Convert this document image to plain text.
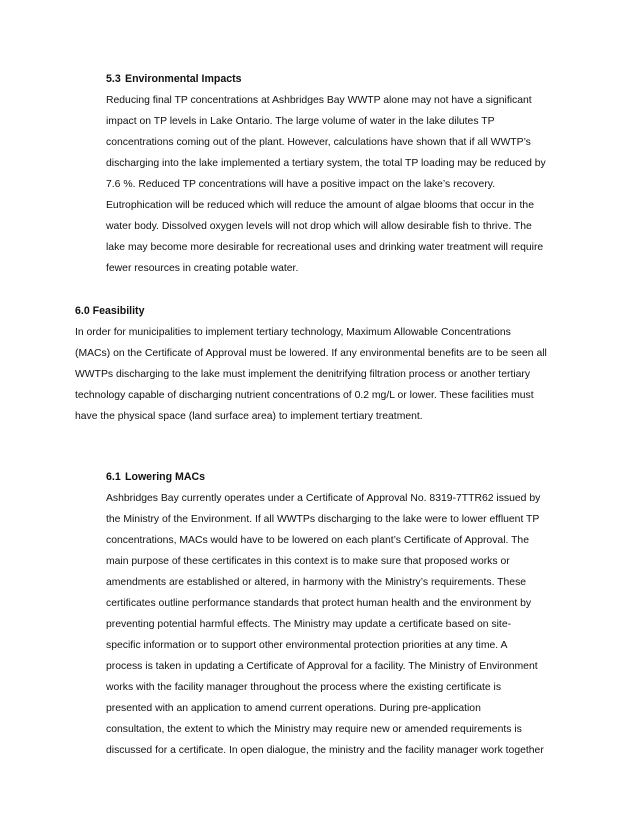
5.3 Environmental Impacts

Reducing final TP concentrations at Ashbridges Bay WWTP alone may not have a significant
impact on TP levels in Lake Ontario. The large volume of water in the lake dilutes TP
concentrations coming out of the plant. However, calculations have shown that if all WWTP’s
discharging into the lake implemented a tertiary system, the total TP loading may be reduced by
7.6 %. Reduced TP concentrations will have a positive impact on the lake’s recovery.
Eutrophication will be reduced which will reduce the amount of algae blooms that occur in the
water body. Dissolved oxygen levels will not drop which will allow desirable fish to thrive. The
lake may become more desirable for recreational uses and drinking water treatment will require
fewer resources in creating potable water.

6.0 Feasibility

In order for municipalities to implement tertiary technology, Maximum Allowable Concentrations
(MACs) on the Certificate of Approval must be lowered. If any environmental benefits are to be seen all
WWTPs discharging to the lake must implement the denitrifying filtration process or another tertiary
technology capable of discharging nutrient concentrations of 0.2 mg/L or lower. These facilities must
have the physical space (land surface area) to implement tertiary treatment.

6.1 Lowering MACs

Ashbridges Bay currently operates under a Certificate of Approval No. 8319-7TTR62 issued by
the Ministry of the Environment. If all WWTPs discharging to the lake were to lower effluent TP
concentrations, MACs would have to be lowered on each plant’s Certificate of Approval. The
main purpose of these certificates in this context is to make sure that proposed works or
amendments are established or altered, in harmony with the Ministry’s requirements. These
certificates outline performance standards that protect human health and the environment by
preventing potential harmful effects. The Ministry may update a certificate based on site-
specific information or to support other environmental protection priorities at any time. A
process is taken in updating a Certificate of Approval for a facility. The Ministry of Environment
works with the facility manager throughout the process where the existing certificate is
presented with an application to amend current operations. During pre-application
consultation, the extent to which the Ministry may require new or amended requirements is
discussed for a certificate. In open dialogue, the ministry and the facility manager work together
